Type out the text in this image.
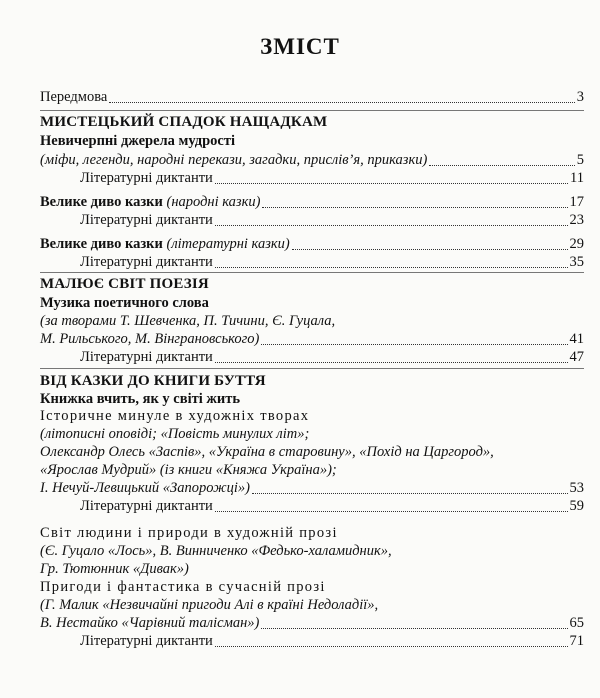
ЗМІСТ
Передмова	3
МИСТЕЦЬКИЙ СПАДОК НАЩАДКАМ
Невичерпні джерела мудрості
(міфи, легенди, народні перекази, загадки, прислів’я, приказки)	5
Літературні диктанти	11
Велике диво казки (народні казки)	17
Літературні диктанти	23
Велике диво казки (літературні казки)	29
Літературні диктанти	35
МАЛЮЄ СВІТ ПОЕЗІЯ
Музика поетичного слова
(за творами Т. Шевченка, П. Тичини, Є. Гуцала,
М. Рильського, М. Вінграновського)	41
Літературні диктанти	47
ВІД КАЗКИ ДО КНИГИ БУТТЯ
Книжка вчить, як у світі жить
Історичне минуле в художніх творах
(літописні оповіді; «Повість минулих літ»;
Олександр Олесь «Заспів», «Україна в старовину», «Похід на Царгород»,
«Ярослав Мудрий» (із книги «Княжа Україна»);
І. Нечуй-Левицький «Запорожці»)	53
Літературні диктанти	59
Світ людини і природи в художній прозі
(Є. Гуцало «Лось», В. Винниченко «Федько-халамидник»,
Гр. Тютюнник «Дивак»)
Пригоди і фантастика в сучасній прозі
(Г. Малик «Незвичайні пригоди Алі в країні Недоладії»,
В. Нестайко «Чарівний талісман»)	65
Літературні диктанти	71
